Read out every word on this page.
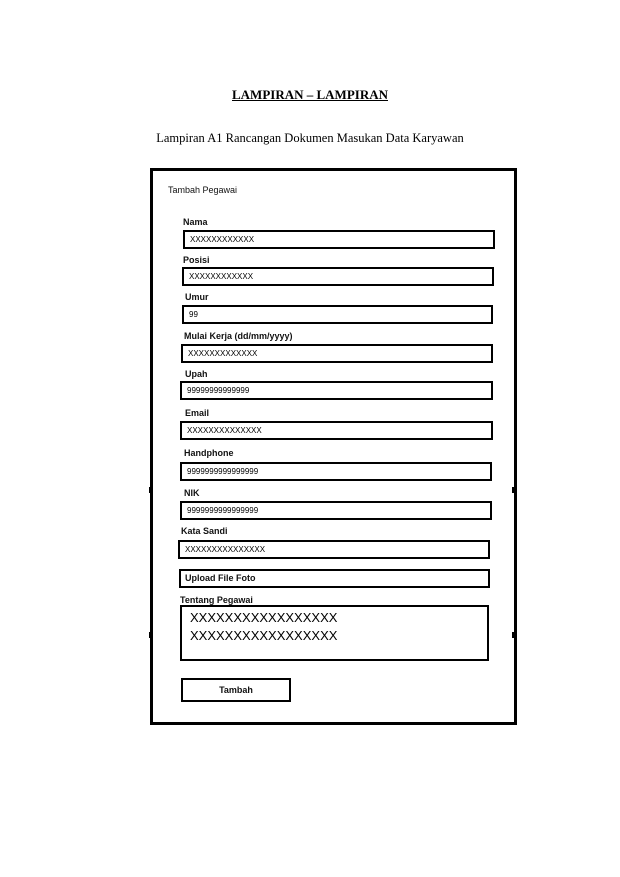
LAMPIRAN – LAMPIRAN
Lampiran A1 Rancangan Dokumen Masukan Data Karyawan
Tambah Pegawai
Nama
XXXXXXXXXXXX
Posisi
XXXXXXXXXXXX
Umur
99
Mulai Kerja (dd/mm/yyyy)
XXXXXXXXXXXXX
Upah
99999999999999
Email
XXXXXXXXXXXXXX
Handphone
9999999999999999
NIK
9999999999999999
Kata Sandi
XXXXXXXXXXXXXXX
Upload File Foto
Tentang Pegawai
XXXXXXXXXXXXXXXXX
XXXXXXXXXXXXXXXXX
Tambah
